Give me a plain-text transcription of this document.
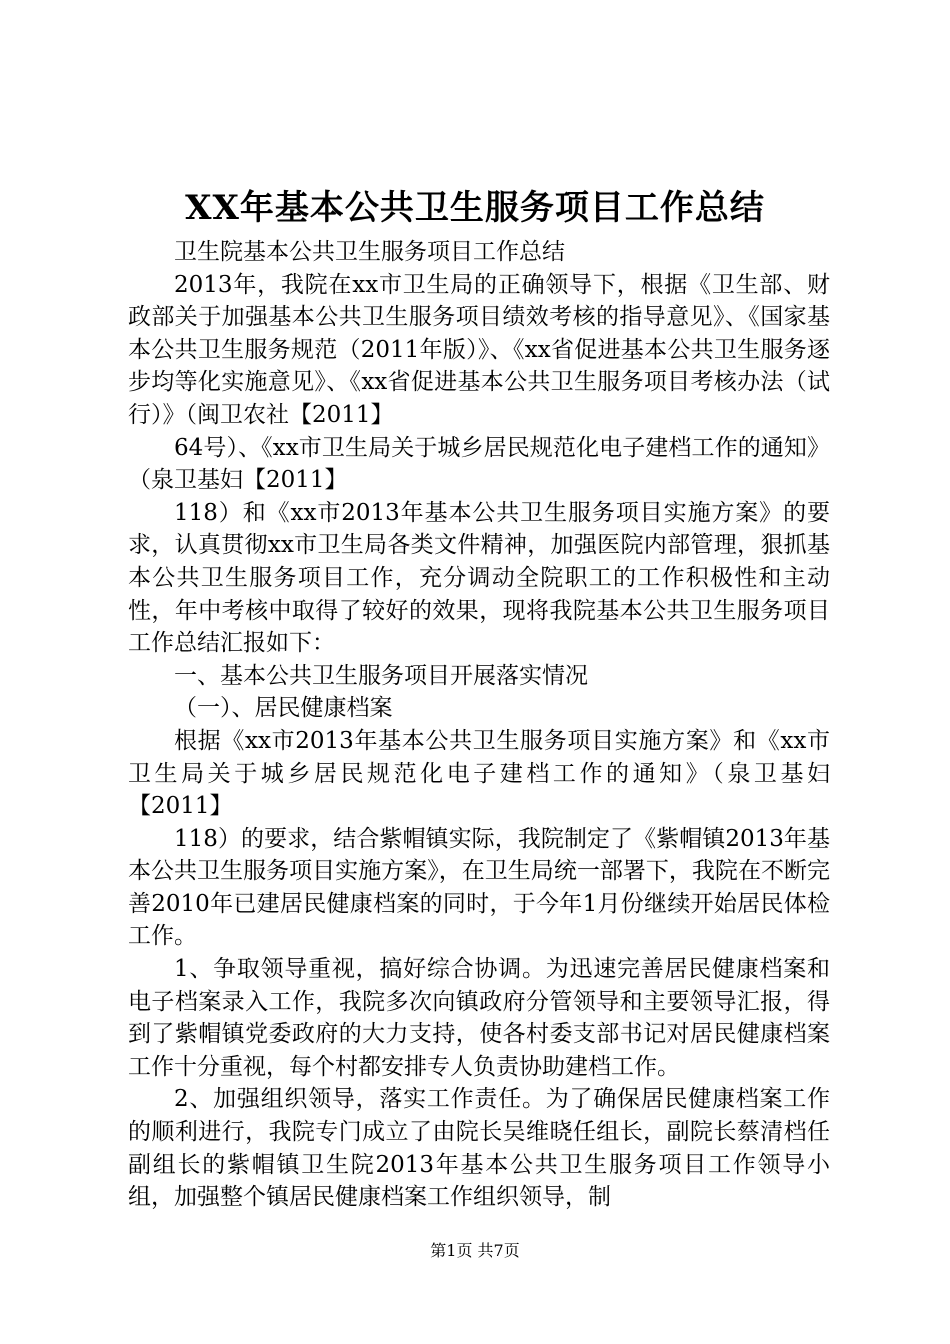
XX年基本公共卫生服务项目工作总结

卫生院基本公共卫生服务项目工作总结

2013年，我院在xx市卫生局的正确领导下，根据《卫生部、财政部关于加强基本公共卫生服务项目绩效考核的指导意见》、《国家基本公共卫生服务规范（2011年版）》、《xx省促进基本公共卫生服务逐步均等化实施意见》、《xx省促进基本公共卫生服务项目考核办法（试行）》（闽卫农社【2011】

64号）、《xx市卫生局关于城乡居民规范化电子建档工作的通知》（泉卫基妇【2011】

118）和《xx市2013年基本公共卫生服务项目实施方案》的要求，认真贯彻xx市卫生局各类文件精神，加强医院内部管理，狠抓基本公共卫生服务项目工作，充分调动全院职工的工作积极性和主动性，年中考核中取得了较好的效果，现将我院基本公共卫生服务项目工作总结汇报如下：

一、基本公共卫生服务项目开展落实情况

（一）、居民健康档案

根据《xx市2013年基本公共卫生服务项目实施方案》和《xx市卫生局关于城乡居民规范化电子建档工作的通知》（泉卫基妇【2011】

118）的要求，结合紫帽镇实际，我院制定了《紫帽镇2013年基本公共卫生服务项目实施方案》，在卫生局统一部署下，我院在不断完善2010年已建居民健康档案的同时，于今年1月份继续开始居民体检工作。

1、争取领导重视，搞好综合协调。为迅速完善居民健康档案和电子档案录入工作，我院多次向镇政府分管领导和主要领导汇报，得到了紫帽镇党委政府的大力支持，使各村委支部书记对居民健康档案工作十分重视，每个村都安排专人负责协助建档工作。

2、加强组织领导，落实工作责任。为了确保居民健康档案工作的顺利进行，我院专门成立了由院长吴维晓任组长，副院长蔡清档任副组长的紫帽镇卫生院2013年基本公共卫生服务项目工作领导小组，加强整个镇居民健康档案工作组织领导，制

第1页 共7页
